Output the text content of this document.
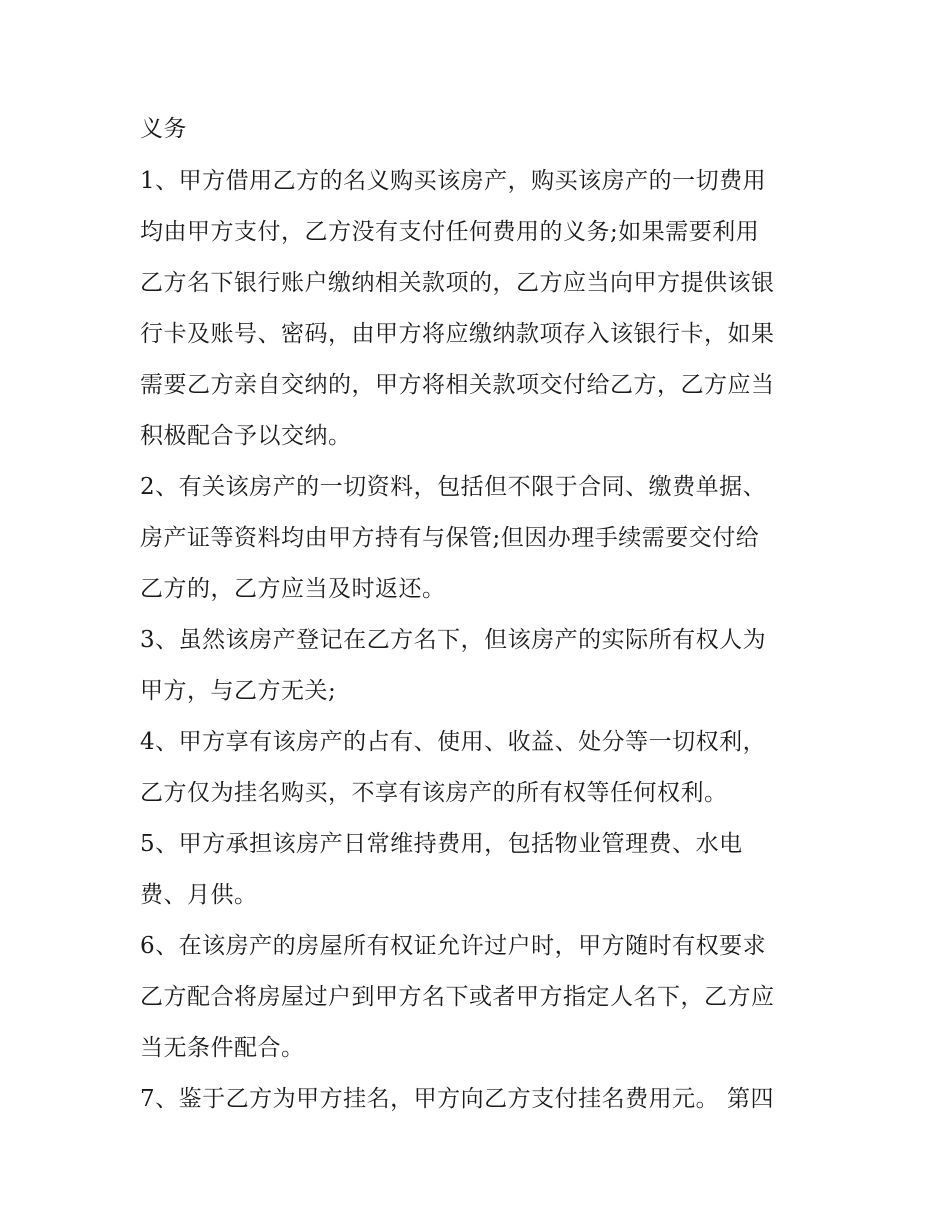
义务
1、甲方借用乙方的名义购买该房产，购买该房产的一切费用
均由甲方支付，乙方没有支付任何费用的义务;如果需要利用
乙方名下银行账户缴纳相关款项的，乙方应当向甲方提供该银
行卡及账号、密码，由甲方将应缴纳款项存入该银行卡，如果
需要乙方亲自交纳的，甲方将相关款项交付给乙方，乙方应当
积极配合予以交纳。
2、有关该房产的一切资料，包括但不限于合同、缴费单据、
房产证等资料均由甲方持有与保管;但因办理手续需要交付给
乙方的，乙方应当及时返还。
3、虽然该房产登记在乙方名下，但该房产的实际所有权人为
甲方，与乙方无关;
4、甲方享有该房产的占有、使用、收益、处分等一切权利，
乙方仅为挂名购买，不享有该房产的所有权等任何权利。
5、甲方承担该房产日常维持费用，包括物业管理费、水电
费、月供。
6、在该房产的房屋所有权证允许过户时，甲方随时有权要求
乙方配合将房屋过户到甲方名下或者甲方指定人名下，乙方应
当无条件配合。
7、鉴于乙方为甲方挂名，甲方向乙方支付挂名费用元。 第四
